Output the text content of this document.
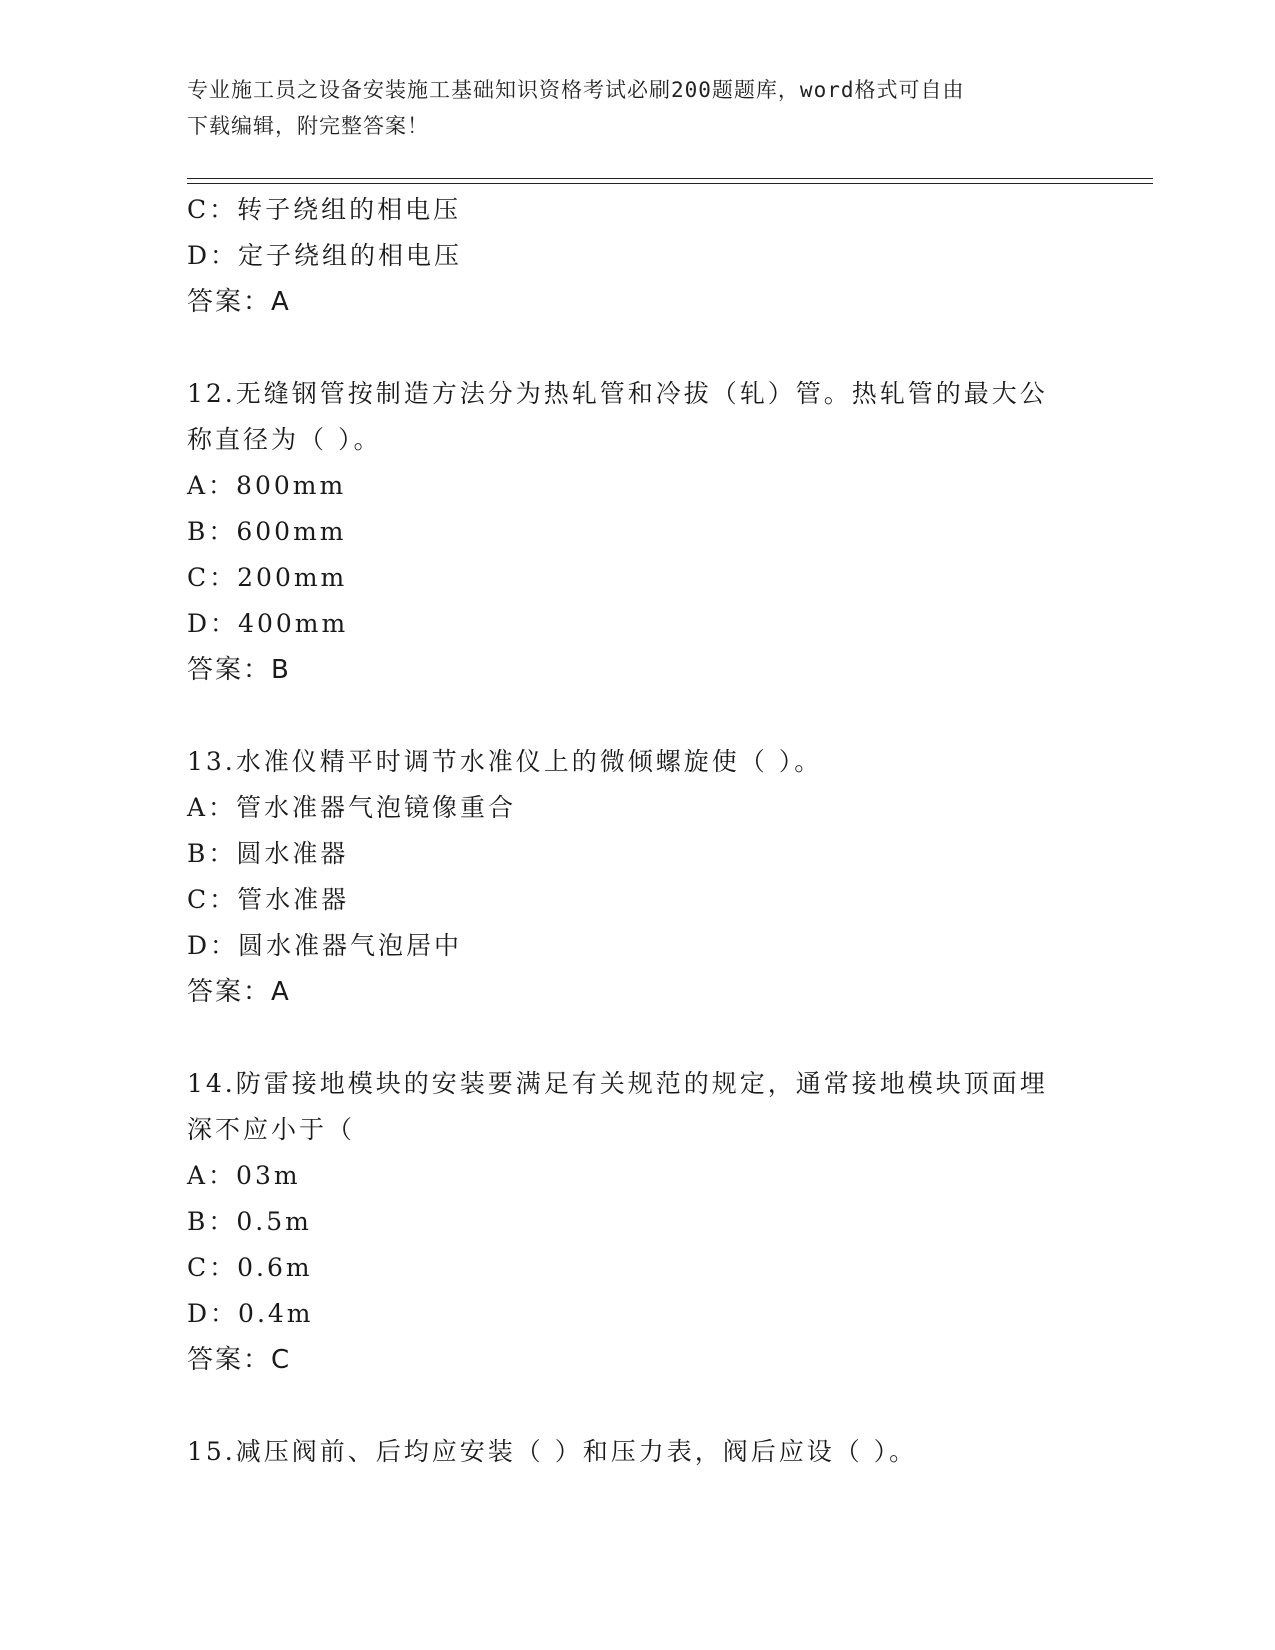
专业施工员之设备安装施工基础知识资格考试必刷200题题库，word格式可自由
下载编辑，附完整答案！
C：转子绕组的相电压
D：定子绕组的相电压
答案：A
12.无缝钢管按制造方法分为热轧管和冷拔（轧）管。热轧管的最大公
称直径为（ ）。
A：800mm
B：600mm
C：200mm
D：400mm
答案：B
13.水准仪精平时调节水准仪上的微倾螺旋使（ ）。
A：管水准器气泡镜像重合
B：圆水准器
C：管水准器
D：圆水准器气泡居中
答案：A
14.防雷接地模块的安装要满足有关规范的规定，通常接地模块顶面埋
深不应小于（
A：03m
B：0.5m
C：0.6m
D：0.4m
答案：C
15.减压阀前、后均应安装（ ）和压力表，阀后应设（ ）。
